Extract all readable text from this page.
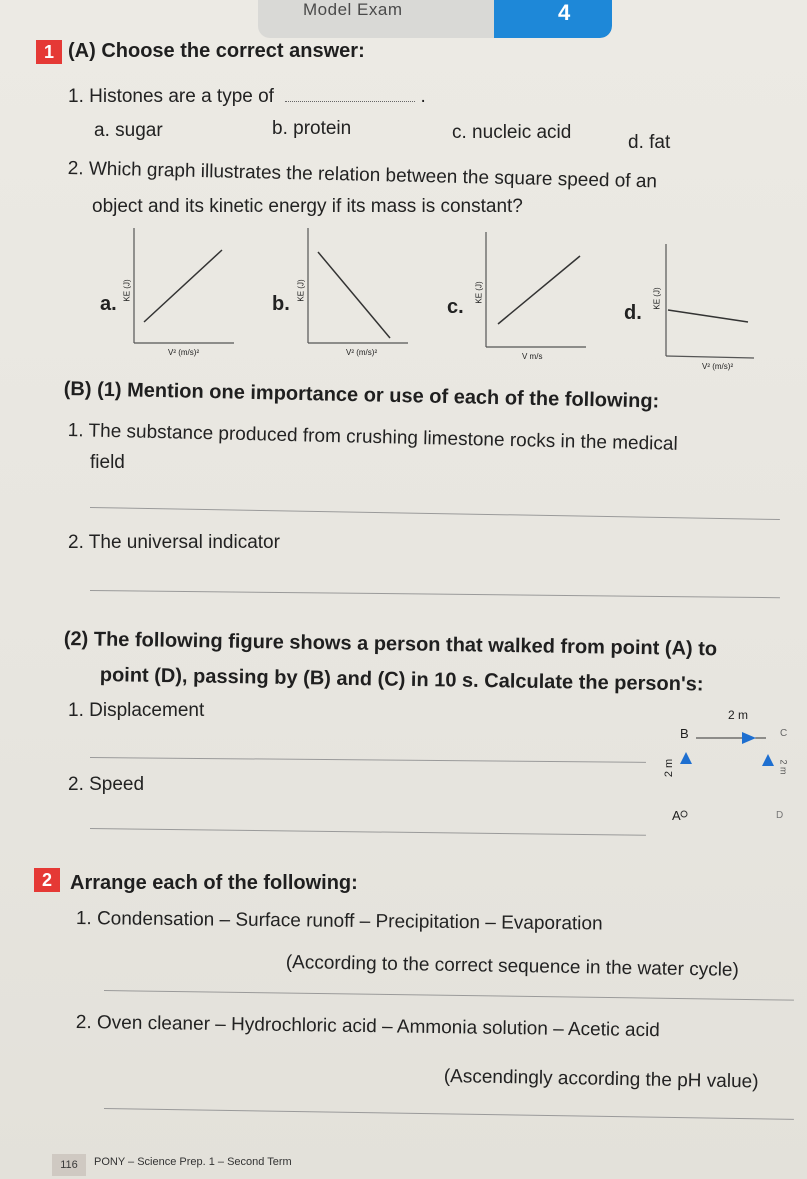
Model Exam	4
1 (A) Choose the correct answer:
1. Histones are a type of	.
a. sugar	b. protein	c. nucleic acid	d. fat
2. Which graph illustrates the relation between the square speed of an
object and its kinetic energy if its mass is constant?
a.
KE (J)
V² (m/s)²
b.
KE (J)
V² (m/s)²
c.
KE (J)
V m/s
d.
KE (J)
V² (m/s)²
(B) (1) Mention one importance or use of each of the following:
1. The substance produced from crushing limestone rocks in the medical
field
2. The universal indicator
(2) The following figure shows a person that walked from point (A) to
point (D), passing by (B) and (C) in 10 s. Calculate the person's:
1. Displacement
2. Speed
B	C
A	D
2 m
2 m	2 m
2 Arrange each of the following:
1. Condensation – Surface runoff – Precipitation – Evaporation
(According to the correct sequence in the water cycle)
2. Oven cleaner – Hydrochloric acid – Ammonia solution – Acetic acid
(Ascendingly according the pH value)
116	PONY – Science Prep. 1 – Second Term
